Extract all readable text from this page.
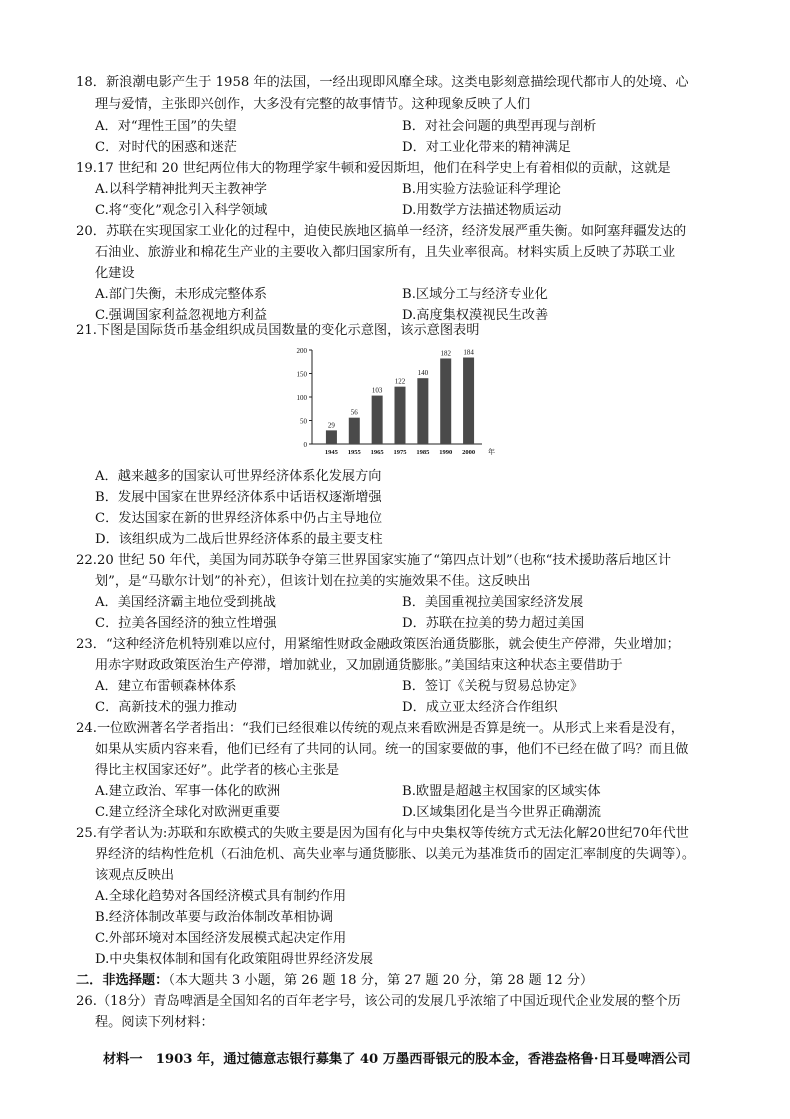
18．新浪潮电影产生于 1958 年的法国，一经出现即风靡全球。这类电影刻意描绘现代都市人的处境、心
理与爱情，主张即兴创作，大多没有完整的故事情节。这种现象反映了人们
A．对“理性王国”的失望	B．对社会问题的典型再现与剖析
C．对时代的困惑和迷茫	D．对工业化带来的精神满足
19.17 世纪和 20 世纪两位伟大的物理学家牛顿和爱因斯坦，他们在科学史上有着相似的贡献，这就是
A.以科学精神批判天主教神学	B.用实验方法验证科学理论
C.将“变化”观念引入科学领域	D.用数学方法描述物质运动
20．苏联在实现国家工业化的过程中，迫使民族地区搞单一经济，经济发展严重失衡。如阿塞拜疆发达的
石油业、旅游业和棉花生产业的主要收入都归国家所有，且失业率很高。材料实质上反映了苏联工业
化建设
A.部门失衡，未形成完整体系	B.区域分工与经济专业化
C.强调国家利益忽视地方利益	D.高度集权漠视民生改善
21.下图是国际货币基金组织成员国数量的变化示意图，该示意图表明
0
50
100
150
200
29
56
103
122
140
182 184
1945 1955 1965 1975 1985 1990 2000 年
A．越来越多的国家认可世界经济体系化发展方向
B．发展中国家在世界经济体系中话语权逐渐增强
C．发达国家在新的世界经济体系中仍占主导地位
D．该组织成为二战后世界经济体系的最主要支柱
22.20 世纪 50 年代，美国为同苏联争夺第三世界国家实施了“第四点计划”（也称“技术援助落后地区计
划”，是“马歇尔计划”的补充），但该计划在拉美的实施效果不佳。这反映出
A．美国经济霸主地位受到挑战	B．美国重视拉美国家经济发展
C．拉美各国经济的独立性增强	D．苏联在拉美的势力超过美国
23．“这种经济危机特别难以应付，用紧缩性财政金融政策医治通货膨胀，就会使生产停滞，失业增加；
用赤字财政政策医治生产停滞，增加就业，又加剧通货膨胀。”美国结束这种状态主要借助于
A．建立布雷顿森林体系	B．签订《关税与贸易总协定》
C．高新技术的强力推动	D．成立亚太经济合作组织
24.一位欧洲著名学者指出：“我们已经很难以传统的观点来看欧洲是否算是统一。从形式上来看是没有，
如果从实质内容来看，他们已经有了共同的认同。统一的国家要做的事，他们不已经在做了吗？而且做
得比主权国家还好”。此学者的核心主张是
A.建立政治、军事一体化的欧洲	B.欧盟是超越主权国家的区域实体
C.建立经济全球化对欧洲更重要	D.区域集团化是当今世界正确潮流
25.有学者认为:苏联和东欧模式的失败主要是因为国有化与中央集权等传统方式无法化解20世纪70年代世
界经济的结构性危机（石油危机、高失业率与通货膨胀、以美元为基准货币的固定汇率制度的失调等）。
该观点反映出
A.全球化趋势对各国经济模式具有制约作用
B.经济体制改革要与政治体制改革相协调
C.外部环境对本国经济发展模式起决定作用
D.中央集权体制和国有化政策阻碍世界经济发展
二．非选择题：（本大题共 3 小题，第 26 题 18 分，第 27 题 20 分，第 28 题 12 分）
26.（18分）青岛啤酒是全国知名的百年老字号，该公司的发展几乎浓缩了中国近现代企业发展的整个历
程。阅读下列材料：
材料一　1903 年，通过德意志银行募集了 40 万墨西哥银元的股本金，香港盎格鲁·日耳曼啤酒公司
